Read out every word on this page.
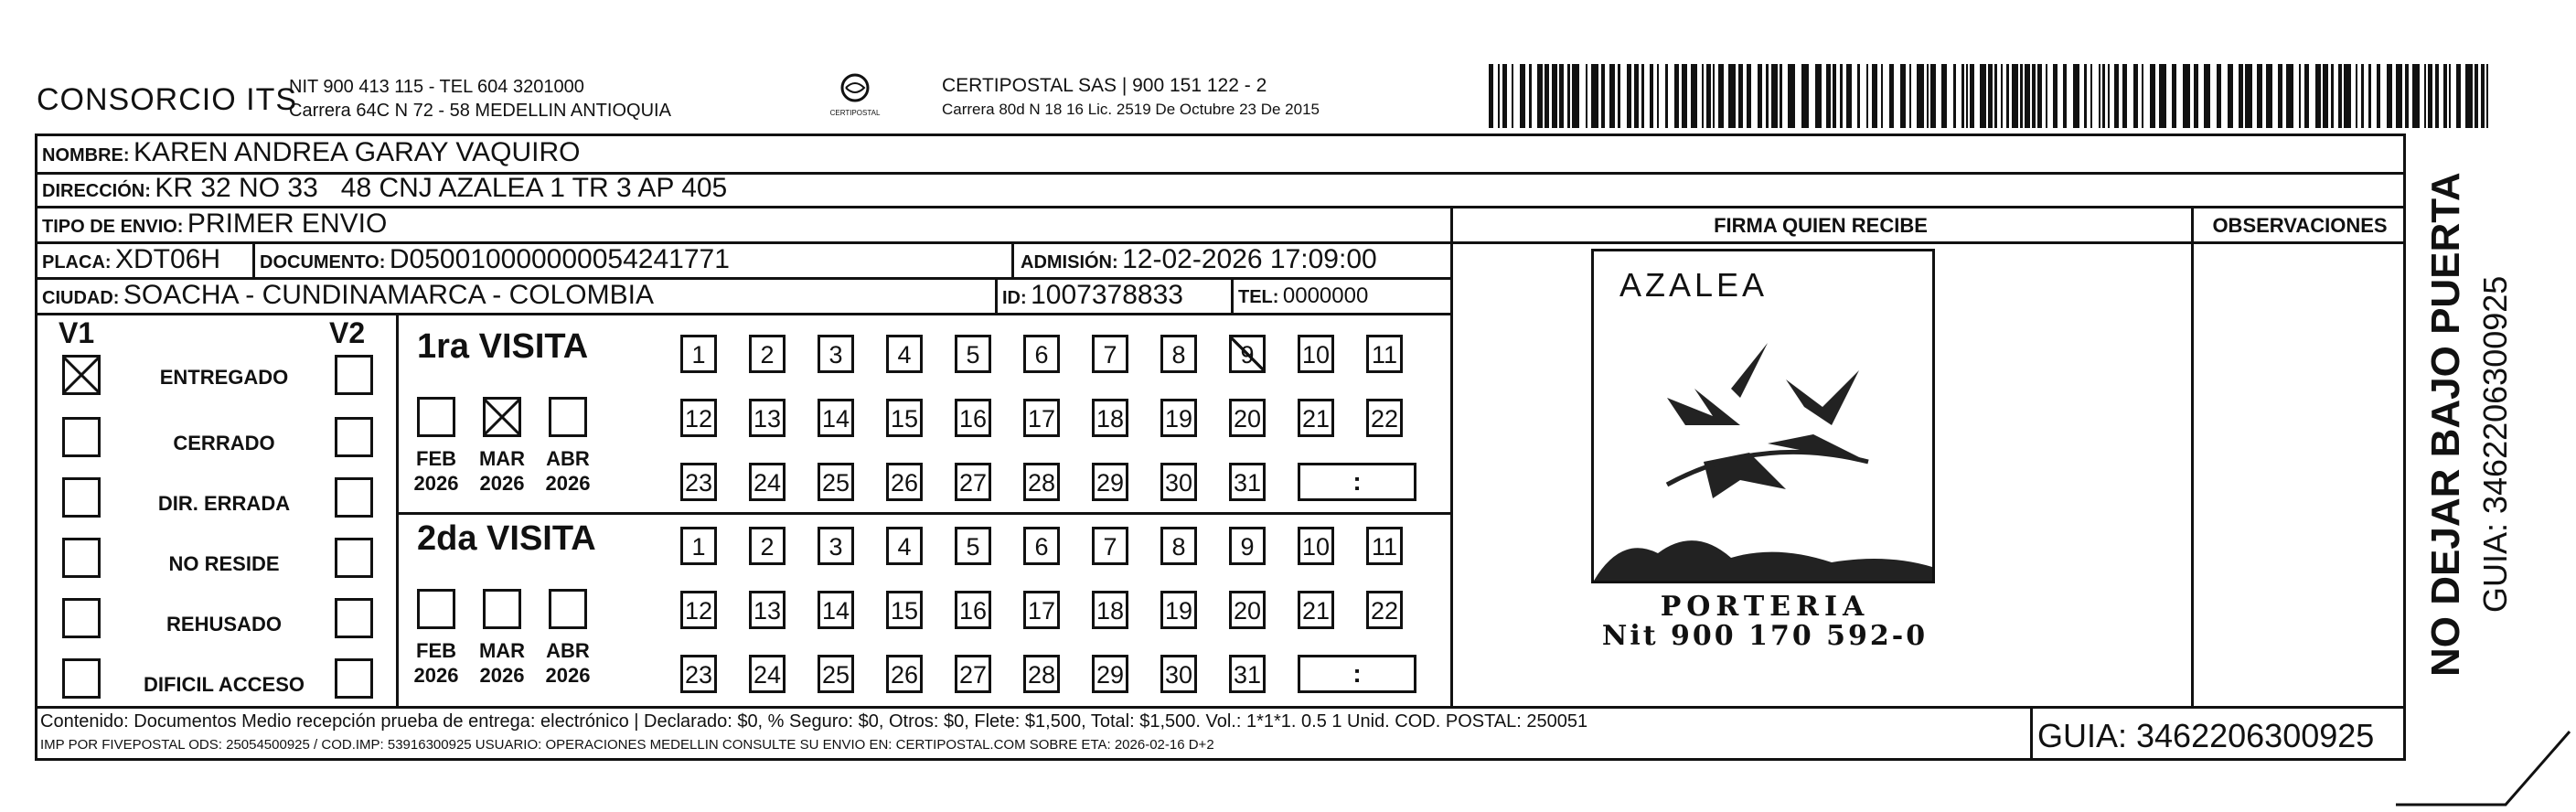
CONSORCIO ITS
NIT 900 413 115 - TEL 604 3201000
Carrera 64C N 72 - 58 MEDELLIN ANTIOQUIA	CERTIPOSTAL
CERTIPOSTAL SAS | 900 151 122 - 2
Carrera 80d N 18 16 Lic. 2519 De Octubre 23 De 2015
NOMBRE: KAREN ANDREA GARAY VAQUIRO
DIRECCIÓN: KR 32 NO 33   48 CNJ AZALEA 1 TR 3 AP 405
TIPO DE ENVIO: PRIMER ENVIO
PLACA: XDT06H DOCUMENTO: D050010000000054241771	ADMISIÓN: 12-02-2026 17:09:00
CIUDAD: SOACHA - CUNDINAMARCA - COLOMBIA	ID: 1007378833	TEL: 0000000
FIRMA QUIEN RECIBE	OBSERVACIONES
V1	V2
ENTREGADO
CERRADO
DIR. ERRADA
NO RESIDE
REHUSADO
DIFICIL ACCESO
1ra VISITA
2da VISITA
FEB
2026
MAR
2026
ABR
2026
1	2	3	4	5	6	7	8	9	10 11
12 13 14 15 16 17 18 19 20 21 22
23 24 25 26 27 28 29 30 31	:
FEB
2026
MAR
2026
ABR
2026
1	2	3	4	5	6	7	8	9	10 11
12 13 14 15 16 17 18 19 20 21 22
23 24 25 26 27 28 29 30 31	:
AZALEA
PORTERIA
Nit 900 170 592-0
Contenido: Documentos Medio recepción prueba de entrega: electrónico | Declarado: $0, % Seguro: $0, Otros: $0, Flete: $1,500, Total: $1,500. Vol.: 1*1*1. 0.5 1 Unid. COD. POSTAL: 250051
IMP POR FIVEPOSTAL ODS: 25054500925 / COD.IMP: 53916300925 USUARIO: OPERACIONES MEDELLIN CONSULTE SU ENVIO EN: CERTIPOSTAL.COM SOBRE ETA: 2026-02-16 D+2	GUIA: 3462206300925
NO DEJAR BAJO PUERTA GUIA: 3462206300925
